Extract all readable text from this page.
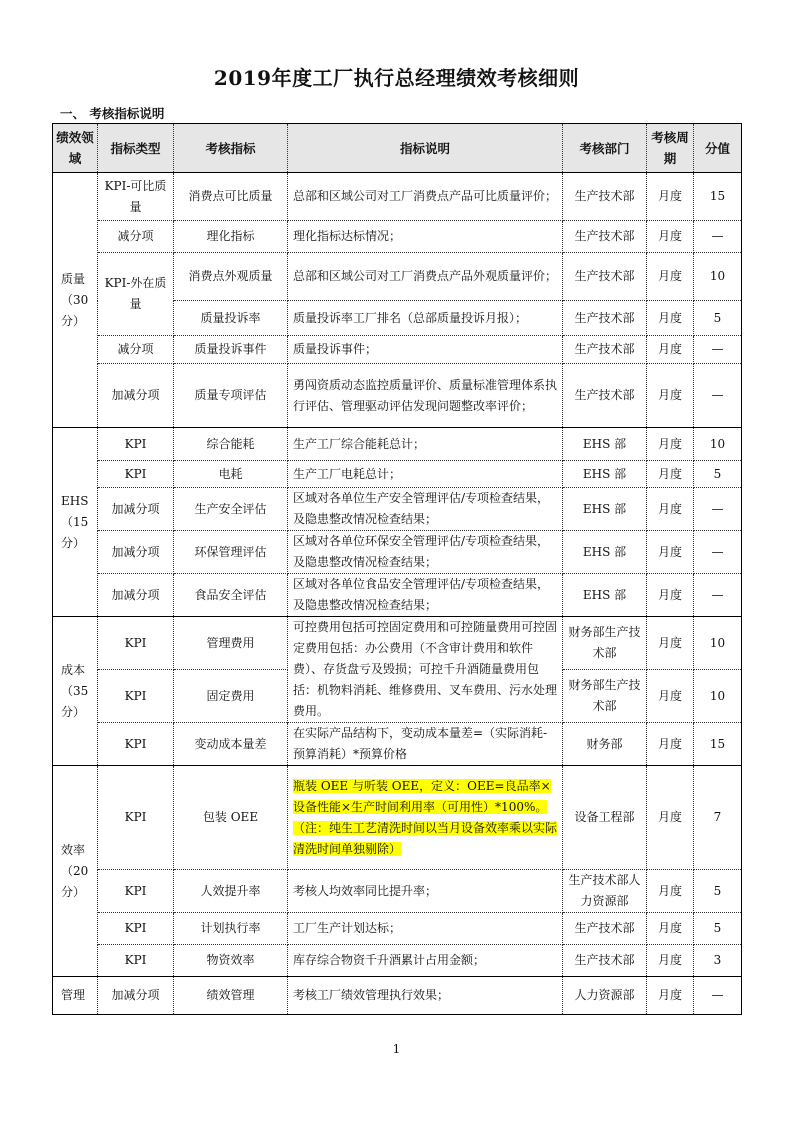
2019年度工厂执行总经理绩效考核细则
一、 考核指标说明
绩效领域	指标类型	考核指标	指标说明	考核部门	考核周期	分值
质量（30分）	KPI-可比质量	消费点可比质量	总部和区域公司对工厂消费点产品可比质量评价；	生产技术部	月度	15
	减分项	理化指标	理化指标达标情况；	生产技术部	月度	—
	KPI-外在质量	消费点外观质量	总部和区域公司对工厂消费点产品外观质量评价；	生产技术部	月度	10
		质量投诉率	质量投诉率工厂排名（总部质量投诉月报）；	生产技术部	月度	5
	减分项	质量投诉事件	质量投诉事件；	生产技术部	月度	—
	加减分项	质量专项评估	勇闯资质动态监控质量评价、质量标准管理体系执行评估、管理驱动评估发现问题整改率评价；	生产技术部	月度	—
EHS（15分）	KPI	综合能耗	生产工厂综合能耗总计；	EHS 部	月度	10
	KPI	电耗	生产工厂电耗总计；	EHS 部	月度	5
	加减分项	生产安全评估	区域对各单位生产安全管理评估/专项检查结果，及隐患整改情况检查结果；	EHS 部	月度	—
	加减分项	环保管理评估	区域对各单位环保安全管理评估/专项检查结果，及隐患整改情况检查结果；	EHS 部	月度	—
	加减分项	食品安全评估	区域对各单位食品安全管理评估/专项检查结果，及隐患整改情况检查结果；	EHS 部	月度	—
成本（35分）	KPI	管理费用	可控费用包括可控固定费用和可控随量费用可控固定费用包括：办公费用（不含审计费用和软件费）、存货盘亏及毁损；可控千升酒随量费用包括：机物料消耗、维修费用、叉车费用、污水处理费用。	财务部生产技术部	月度	10
	KPI	固定费用		财务部生产技术部	月度	10
	KPI	变动成本量差	在实际产品结构下，变动成本量差=（实际消耗-预算消耗）*预算价格	财务部	月度	15
效率（20分）	KPI	包装 OEE	瓶装 OEE 与听装 OEE，定义：OEE=良品率×设备性能×生产时间利用率（可用性）*100%。（注：纯生工艺清洗时间以当月设备效率乘以实际清洗时间单独剔除）	设备工程部	月度	7
	KPI	人效提升率	考核人均效率同比提升率；	生产技术部人力资源部	月度	5
	KPI	计划执行率	工厂生产计划达标；	生产技术部	月度	5
	KPI	物资效率	库存综合物资千升酒累计占用金额；	生产技术部	月度	3
管理	加减分项	绩效管理	考核工厂绩效管理执行效果；	人力资源部	月度	—
1
